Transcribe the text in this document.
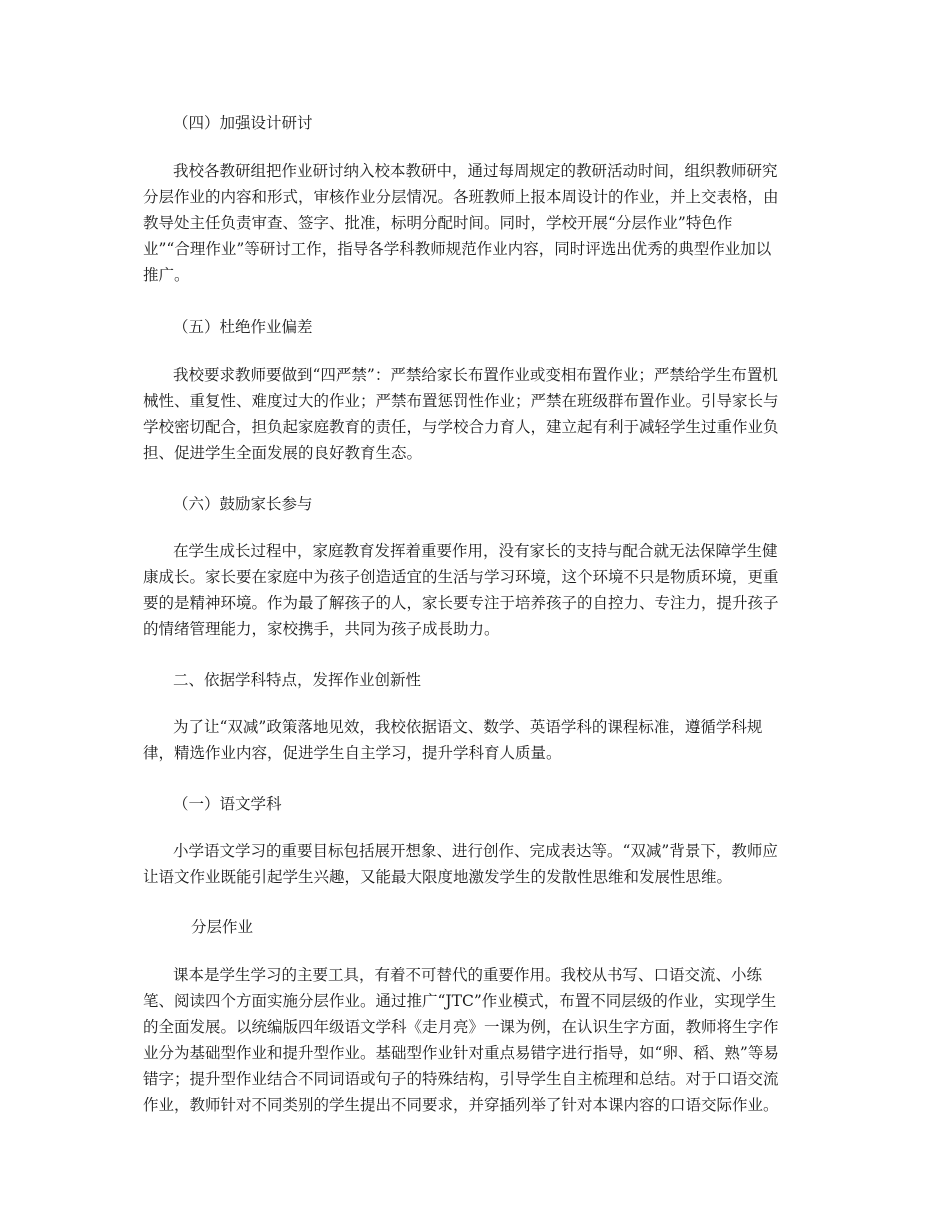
（四）加强设计研讨

我校各教研组把作业研讨纳入校本教研中，通过每周规定的教研活动时间，组织教师研究
分层作业的内容和形式，审核作业分层情况。各班教师上报本周设计的作业，并上交表格，由
教导处主任负责审查、签字、批准，标明分配时间。同时，学校开展“分层作业”特色作
业”“合理作业”等研讨工作，指导各学科教师规范作业内容，同时评选出优秀的典型作业加以
推广。

（五）杜绝作业偏差

我校要求教师要做到“四严禁”：严禁给家长布置作业或变相布置作业；严禁给学生布置机
械性、重复性、难度过大的作业；严禁布置惩罚性作业；严禁在班级群布置作业。引导家长与
学校密切配合，担负起家庭教育的责任，与学校合力育人，建立起有利于减轻学生过重作业负
担、促进学生全面发展的良好教育生态。

（六）鼓励家长参与

在学生成长过程中，家庭教育发挥着重要作用，没有家长的支持与配合就无法保障学生健
康成长。家长要在家庭中为孩子创造适宜的生活与学习环境，这个环境不只是物质环境，更重
要的是精神环境。作为最了解孩子的人，家长要专注于培养孩子的自控力、专注力，提升孩子
的情绪管理能力，家校携手，共同为孩子成長助力。

二、依据学科特点，发挥作业创新性

为了让“双减”政策落地见效，我校依据语文、数学、英语学科的课程标准，遵循学科规
律，精选作业内容，促进学生自主学习，提升学科育人质量。

（一）语文学科

小学语文学习的重要目标包括展开想象、进行创作、完成表达等。“双减”背景下，教师应
让语文作业既能引起学生兴趣，又能最大限度地激发学生的发散性思维和发展性思维。

分层作业

课本是学生学习的主要工具，有着不可替代的重要作用。我校从书写、口语交流、小练
笔、阅读四个方面实施分层作业。通过推广“JTC”作业模式，布置不同层级的作业，实现学生
的全面发展。以统编版四年级语文学科《走月亮》一课为例，在认识生字方面，教师将生字作
业分为基础型作业和提升型作业。基础型作业针对重点易错字进行指导，如“卵、稻、熟”等易
错字；提升型作业结合不同词语或句子的特殊结构，引导学生自主梳理和总结。对于口语交流
作业，教师针对不同类别的学生提出不同要求，并穿插列举了针对本课内容的口语交际作业。
